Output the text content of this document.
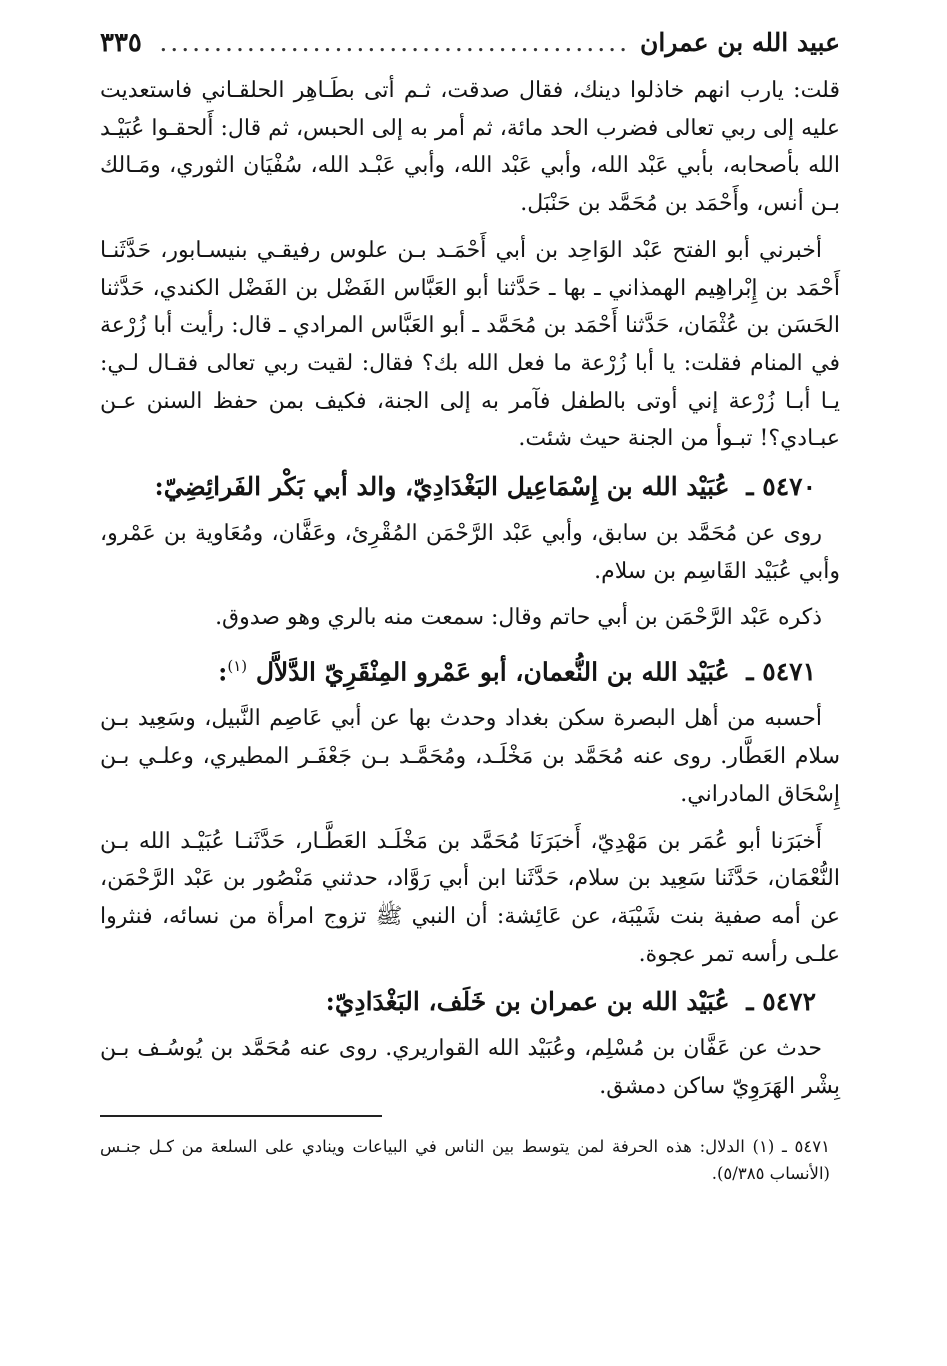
عبيد الله بن عمران
...........................................
٣٣٥

قلت: يارب انهم خاذلوا دينك، فقال صدقت، ثـم أتى بطَـاهِر الحلقـاني فاستعديت عليه إلى ربي تعالى فضرب الحد مائة، ثم أمر به إلى الحبس، ثم قال: أَلحقـوا عُبَيْـد الله بأصحابه، بأبي عَبْد الله، وأبي عَبْد الله، وأبي عَبْـد الله، سُفْيَان الثوري، ومَـالك بـن أنس، وأَحْمَد بن مُحَمَّد بن حَنْبَل.

أخبرني أبو الفتح عَبْد الوَاحِد بن أبي أَحْمَـد بـن علوس رفيقـي بنيسـابور، حَدَّثَنـا أَحْمَد بن إِبْراهِيم الهمذاني ـ بها ـ حَدَّثنا أبو العَبَّاس الفَضْل بن الفَضْل الكندي، حَدَّثنا الحَسَن بن عُثْمَان، حَدَّثنا أَحْمَد بن مُحَمَّد ـ أبو العَبَّاس المرادي ـ قال: رأيت أبا زُرْعة في المنام فقلت: يا أبا زُرْعة ما فعل الله بك؟ فقال: لقيت ربي تعالى فقـال لـي: يـا أبـا زُرْعة إني أوتى بالطفل فآمر به إلى الجنة، فكيف بمن حفظ السنن عـن عبـادي؟! تبـوأ من الجنة حيث شئت.

٥٤٧٠ ـ عُبَيْد الله بن إِسْمَاعِيل البَغْدَادِيّ، والد أبي بَكْر الفَرائِضِيّ:

روى عن مُحَمَّد بن سابق، وأبي عَبْد الرَّحْمَن المُقْرِئ، وعَفَّان، ومُعَاوية بن عَمْرو، وأبي عُبَيْد القَاسِم بن سلام.

ذكره عَبْد الرَّحْمَن بن أبي حاتم وقال: سمعت منه بالري وهو صدوق.

٥٤٧١ ـ عُبَيْد الله بن النُّعمان، أبو عَمْرو المِنْقَرِيّ الدَّلاَّل $^{(١)}$:

أحسبه من أهل البصرة سكن بغداد وحدث بها عن أبي عَاصِم النَّبيل، وسَعِيد بـن سلام العَطَّار. روى عنه مُحَمَّد بن مَخْلَـد، ومُحَمَّـد بـن جَعْفَـر المطيري، وعلـي بـن إِسْحَاق المادراني.

أَخبَرَنا أبو عُمَر بن مَهْدِيّ، أَخبَرَنَا مُحَمَّد بن مَخْلَـد العَطَّـار، حَدَّثَنـا عُبَيْـد الله بـن النُّعْمَان، حَدَّثَنا سَعِيد بن سلام، حَدَّثَنا ابن أبي رَوَّاد، حدثني مَنْصُور بن عَبْد الرَّحْمَن، عن أمه صفية بنت شَيْبَة، عن عَائِشة: أن النبي ﷺ تزوج امرأة من نسائه، فنثروا علـى رأسه تمر عجوة.

٥٤٧٢ ـ عُبَيْد الله بن عمران بن خَلَف، البَغْدَادِيّ:

حدث عن عَفَّان بن مُسْلِم، وعُبَيْد الله القواريري. روى عنه مُحَمَّد بن يُوسُـف بـن بِشْر الهَرَوِيّ ساكن دمشق.

٥٤٧١ ـ (١) الدلال: هذه الحرفة لمن يتوسط بين الناس في البياعات وينادي على السلعة من كـل جنـس (الأنساب ٥/٣٨٥).
